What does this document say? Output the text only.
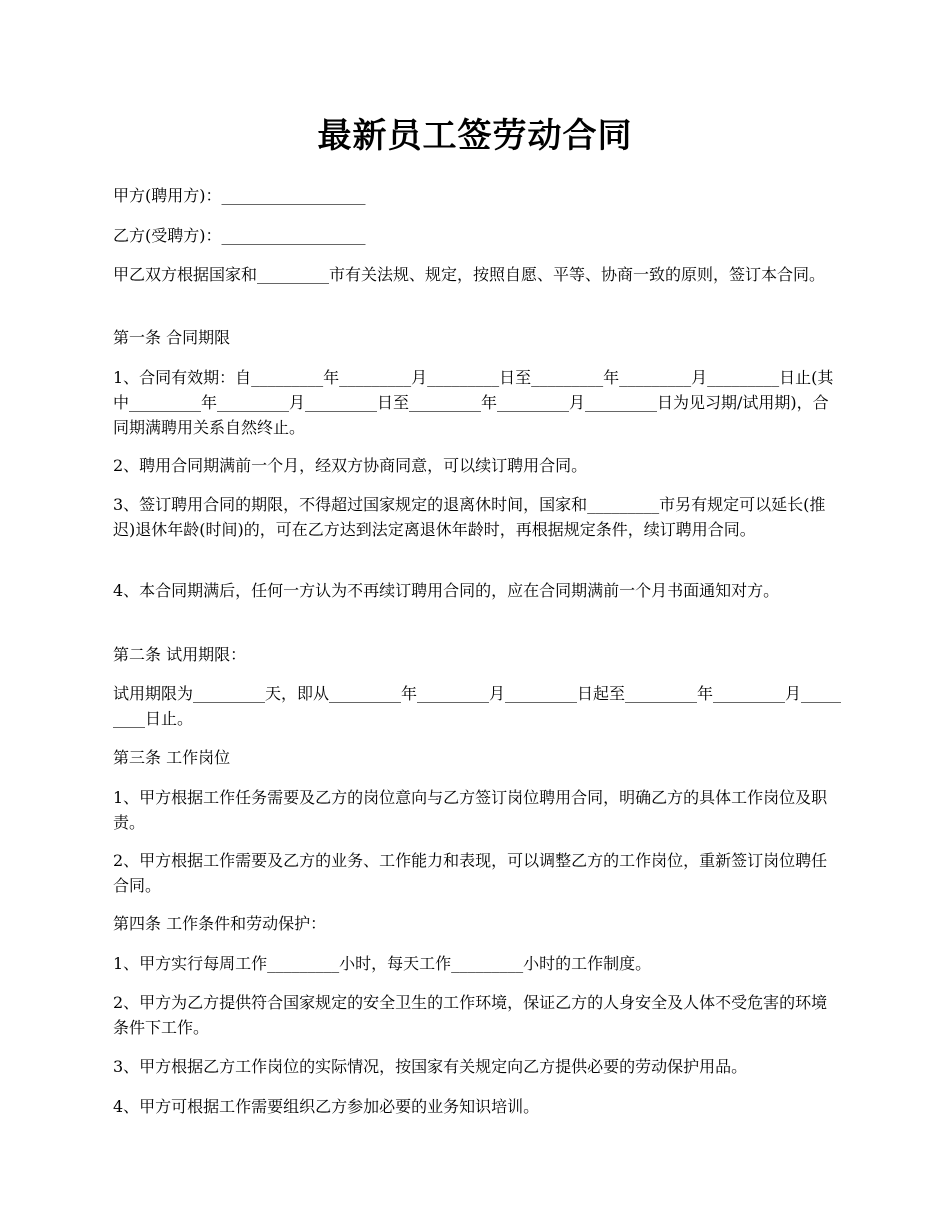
最新员工签劳动合同

甲方(聘用方)：__________________

乙方(受聘方)：__________________

甲乙双方根据国家和_________市有关法规、规定，按照自愿、平等、协商一致的原则，签订本合同。

第一条 合同期限

1、合同有效期：自_________年_________月_________日至_________年_________月_________日止(其中_________年_________月_________日至_________年_________月_________日为见习期/试用期)，合同期满聘用关系自然终止。

2、聘用合同期满前一个月，经双方协商同意，可以续订聘用合同。

3、签订聘用合同的期限，不得超过国家规定的退离休时间，国家和_________市另有规定可以延长(推迟)退休年龄(时间)的，可在乙方达到法定离退休年龄时，再根据规定条件，续订聘用合同。

4、本合同期满后，任何一方认为不再续订聘用合同的，应在合同期满前一个月书面通知对方。

第二条 试用期限：

试用期限为_________天，即从_________年_________月_________日起至_________年_________月_________日止。

第三条 工作岗位

1、甲方根据工作任务需要及乙方的岗位意向与乙方签订岗位聘用合同，明确乙方的具体工作岗位及职责。

2、甲方根据工作需要及乙方的业务、工作能力和表现，可以调整乙方的工作岗位，重新签订岗位聘任合同。

第四条 工作条件和劳动保护：

1、甲方实行每周工作_________小时，每天工作_________小时的工作制度。

2、甲方为乙方提供符合国家规定的安全卫生的工作环境，保证乙方的人身安全及人体不受危害的环境条件下工作。

3、甲方根据乙方工作岗位的实际情况，按国家有关规定向乙方提供必要的劳动保护用品。

4、甲方可根据工作需要组织乙方参加必要的业务知识培训。
